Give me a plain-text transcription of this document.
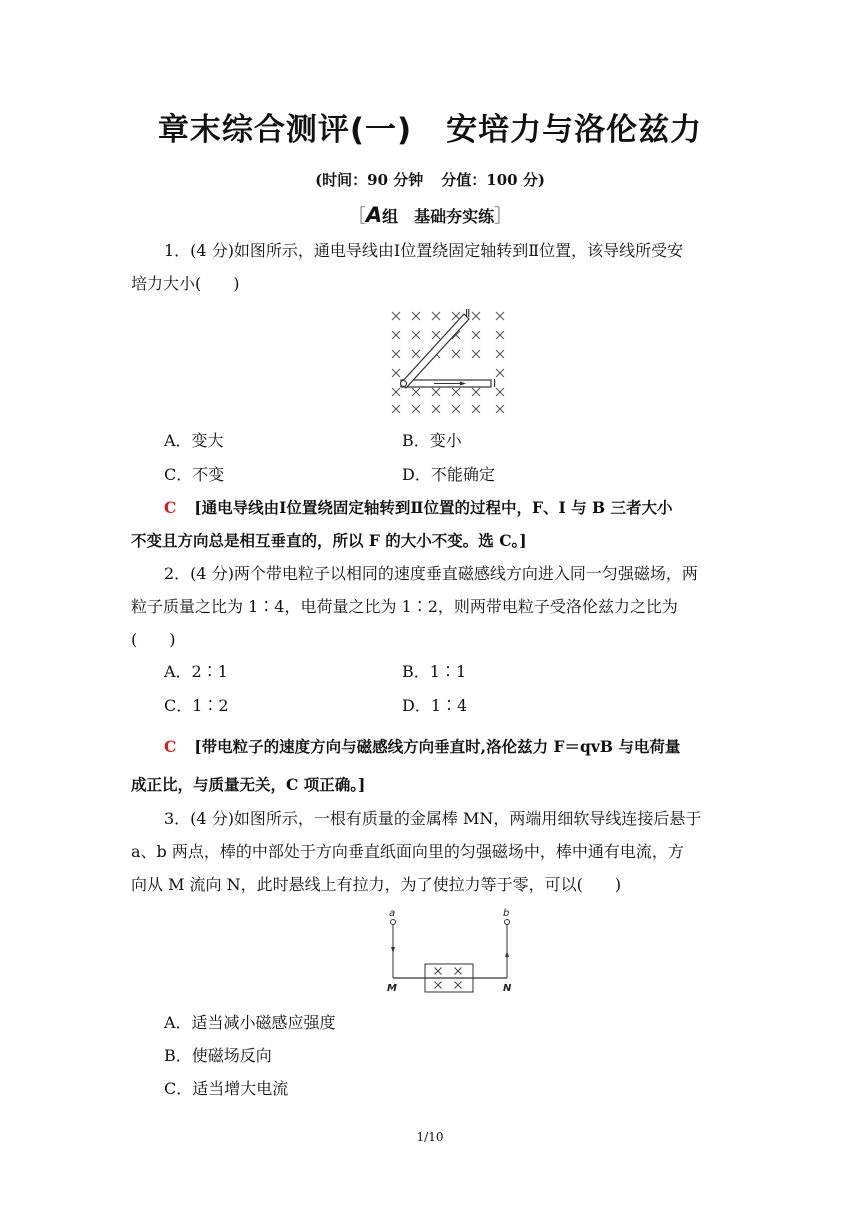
章末综合测评(一) 安培力与洛伦兹力
(时间：90 分钟 分值：100 分)
［A组　基础夯实练］
1．(4 分)如图所示，通电导线由Ⅰ位置绕固定轴转到Ⅱ位置，该导线所受安
培力大小(　　)
Ⅰ
Ⅱ
A．变大	B．变小
C．不变	D．不能确定
C [通电导线由Ⅰ位置绕固定轴转到Ⅱ位置的过程中，F、I 与 B 三者大小
不变且方向总是相互垂直的，所以 F 的大小不变。选 C。]
2．(4 分)两个带电粒子以相同的速度垂直磁感线方向进入同一匀强磁场，两
粒子质量之比为 1∶4，电荷量之比为 1∶2，则两带电粒子受洛伦兹力之比为
(　　)
A．2∶1	B．1∶1
C．1∶2	D．1∶4
C [带电粒子的速度方向与磁感线方向垂直时,洛伦兹力 F＝qvB 与电荷量
成正比，与质量无关，C 项正确。]
3．(4 分)如图所示，一根有质量的金属棒 MN，两端用细软导线连接后悬于
a、b 两点，棒的中部处于方向垂直纸面向里的匀强磁场中，棒中通有电流，方
向从 M 流向 N，此时悬线上有拉力，为了使拉力等于零，可以(　　)
a	b
M	N
A．适当减小磁感应强度
B．使磁场反向
C．适当增大电流
1/10
